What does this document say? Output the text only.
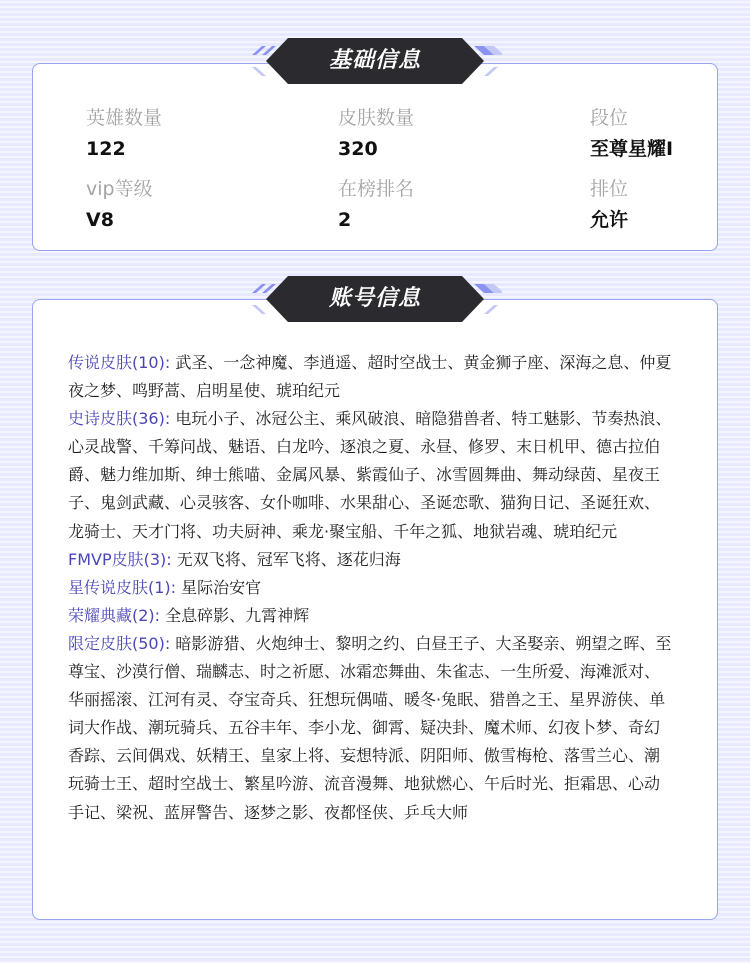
英雄数量
122
皮肤数量
320
段位
至尊星耀I
vip等级
V8
在榜排名
2
排位
允许
基础信息
账号信息
传说皮肤(10): 武圣、一念神魔、李逍遥、超时空战士、黄金狮子座、深海之息、仲夏夜之梦、鸣野蒿、启明星使、琥珀纪元
史诗皮肤(36): 电玩小子、冰冠公主、乘风破浪、暗隐猎兽者、特工魅影、节奏热浪、心灵战警、千筹问战、魅语、白龙吟、逐浪之夏、永昼、修罗、末日机甲、德古拉伯爵、魅力维加斯、绅士熊喵、金属风暴、紫霞仙子、冰雪圆舞曲、舞动绿茵、星夜王子、鬼剑武藏、心灵骇客、女仆咖啡、水果甜心、圣诞恋歌、猫狗日记、圣诞狂欢、龙骑士、天才门将、功夫厨神、乘龙·聚宝船、千年之狐、地狱岩魂、琥珀纪元
FMVP皮肤(3): 无双飞将、冠军飞将、逐花归海
星传说皮肤(1): 星际治安官
荣耀典藏(2): 全息碎影、九霄神辉
限定皮肤(50): 暗影游猎、火炮绅士、黎明之约、白昼王子、大圣娶亲、朔望之晖、至尊宝、沙漠行僧、瑞麟志、时之祈愿、冰霜恋舞曲、朱雀志、一生所爱、海滩派对、华丽摇滚、江河有灵、夺宝奇兵、狂想玩偶喵、暖冬·兔眠、猎兽之王、星界游侠、单词大作战、潮玩骑兵、五谷丰年、李小龙、御霄、疑决卦、魔术师、幻夜卜梦、奇幻香踪、云间偶戏、妖精王、皇家上将、妄想特派、阴阳师、傲雪梅枪、落雪兰心、潮玩骑士王、超时空战士、繁星吟游、流音漫舞、地狱燃心、午后时光、拒霜思、心动手记、梁祝、蓝屏警告、逐梦之影、夜都怪侠、乒乓大师
